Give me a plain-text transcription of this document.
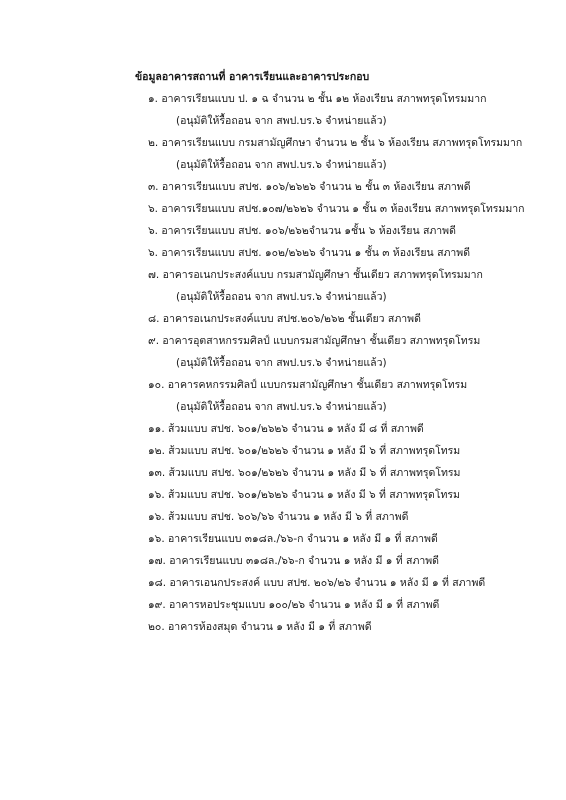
ข้อมูลอาคารสถานที่ อาคารเรียนและอาคารประกอบ
๑. อาคารเรียนแบบ ป. ๑ ฉ จำนวน ๒ ชั้น ๑๒ ห้องเรียน สภาพทรุดโทรมมาก
(อนุมัติให้รื้อถอน จาก สพป.บร.๖ จำหน่ายแล้ว)
๒. อาคารเรียนแบบ กรมสามัญศึกษา จำนวน ๒ ชั้น ๖ ห้องเรียน สภาพทรุดโทรมมาก
(อนุมัติให้รื้อถอน จาก สพป.บร.๖ จำหน่ายแล้ว)
๓. อาคารเรียนแบบ สปช. ๑๐๖/๒๖๒๖ จำนวน ๒ ชั้น ๓ ห้องเรียน สภาพดี
๖. อาคารเรียนแบบ สปช.๑๐๗/๒๖๒๖ จำนวน ๑ ชั้น ๓ ห้องเรียน สภาพทรุดโทรมมาก
๖. อาคารเรียนแบบ สปช. ๑๐๖/๒๖๒จำนวน ๑ชั้น ๖ ห้องเรียน สภาพดี
๖. อาคารเรียนแบบ สปช. ๑๐๒/๒๖๒๖ จำนวน ๑ ชั้น ๓ ห้องเรียน สภาพดี
๗. อาคารอเนกประสงค์แบบ กรมสามัญศึกษา ชั้นเดียว สภาพทรุดโทรมมาก
(อนุมัติให้รื้อถอน จาก สพป.บร.๖ จำหน่ายแล้ว)
๘. อาคารอเนกประสงค์แบบ สปช.๒๐๖/๒๖๒ ชั้นเดียว สภาพดี
๙. อาคารอุตสาหกรรมศิลป์ แบบกรมสามัญศึกษา ชั้นเดียว สภาพทรุดโทรม
(อนุมัติให้รื้อถอน จาก สพป.บร.๖ จำหน่ายแล้ว)
๑๐. อาคารคหกรรมศิลป์ แบบกรมสามัญศึกษา ชั้นเดียว สภาพทรุดโทรม
(อนุมัติให้รื้อถอน จาก สพป.บร.๖ จำหน่ายแล้ว)
๑๑. ส้วมแบบ สปช. ๖๐๑/๒๖๒๖ จำนวน ๑ หลัง มี ๘ ที่ สภาพดี
๑๒. ส้วมแบบ สปช. ๖๐๑/๒๖๒๖ จำนวน ๑ หลัง มี ๖ ที่ สภาพทรุดโทรม
๑๓. ส้วมแบบ สปช. ๖๐๑/๒๖๒๖ จำนวน ๑ หลัง มี ๖ ที่ สภาพทรุดโทรม
๑๖. ส้วมแบบ สปช. ๖๐๑/๒๖๒๖ จำนวน ๑ หลัง มี ๖ ที่ สภาพทรุดโทรม
๑๖. ส้วมแบบ สปช. ๖๐๖/๖๖ จำนวน ๑ หลัง มี ๖ ที่ สภาพดี
๑๖. อาคารเรียนแบบ ๓๑๘ล./๖๖-ก จำนวน ๑ หลัง มี ๑ ที่ สภาพดี
๑๗. อาคารเรียนแบบ ๓๑๘ล./๖๖-ก จำนวน ๑ หลัง มี ๑ ที่ สภาพดี
๑๘. อาคารเอนกประสงค์ แบบ สปช. ๒๐๖/๒๖ จำนวน ๑ หลัง มี ๑ ที่ สภาพดี
๑๙. อาคารหอประชุมแบบ ๑๐๐/๒๖ จำนวน ๑ หลัง มี ๑ ที่ สภาพดี
๒๐. อาคารห้องสมุด จำนวน ๑ หลัง มี ๑ ที่ สภาพดี
